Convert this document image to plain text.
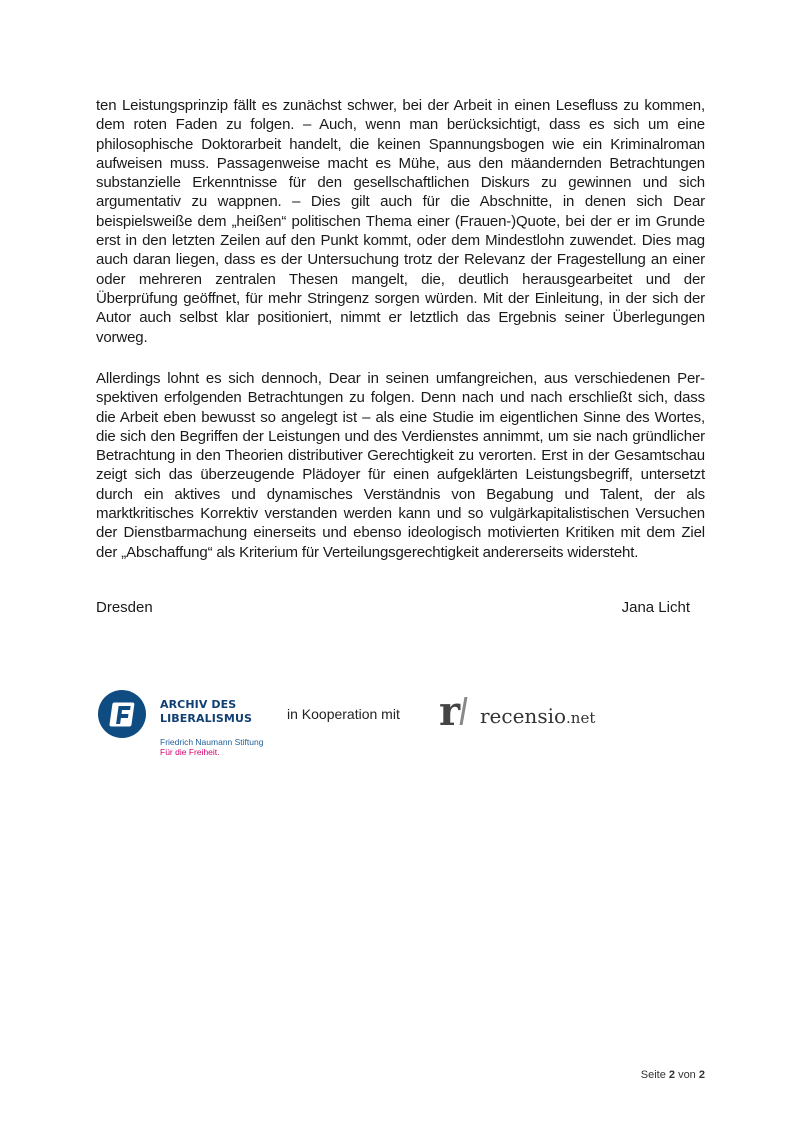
ten Leistungsprinzip fällt es zunächst schwer, bei der Arbeit in einen Lesefluss zu kommen, dem roten Faden zu folgen. – Auch, wenn man berücksichtigt, dass es sich um eine philosophische Doktorarbeit handelt, die keinen Spannungsbogen wie ein Kriminalroman aufweisen muss. Passagenweise macht es Mühe, aus den mäandernden Betrachtungen substanzielle Erkenntnisse für den gesellschaftlichen Diskurs zu gewinnen und sich argumentativ zu wappnen. – Dies gilt auch für die Abschnitte, in denen sich Dear beispielsweiße dem „heißen“ politischen Thema einer (Frauen-)Quote, bei der er im Grunde erst in den letzten Zeilen auf den Punkt kommt, oder dem Mindestlohn zuwendet. Dies mag auch daran liegen, dass es der Untersuchung trotz der Relevanz der Fragestellung an einer oder mehreren zentralen Thesen mangelt, die, deutlich herausgearbeitet und der Überprüfung geöffnet, für mehr Stringenz sorgen würden. Mit der Einleitung, in der sich der Autor auch selbst klar positioniert, nimmt er letztlich das Ergebnis seiner Überlegungen vorweg.

Allerdings lohnt es sich dennoch, Dear in seinen umfangreichen, aus verschiedenen Perspektiven erfolgenden Betrachtungen zu folgen. Denn nach und nach erschließt sich, dass die Arbeit eben bewusst so angelegt ist – als eine Studie im eigentlichen Sinne des Wortes, die sich den Begriffen der Leistungen und des Verdienstes annimmt, um sie nach gründlicher Betrachtung in den Theorien distributiver Gerechtigkeit zu verorten. Erst in der Gesamtschau zeigt sich das überzeugende Plädoyer für einen aufgeklärten Leistungsbegriff, untersetzt durch ein aktives und dynamisches Verständnis von Begabung und Talent, der als marktkritisches Korrektiv verstanden werden kann und so vulgärkapitalistischen Versuchen der Dienstbarmachung einerseits und ebenso ideologisch motivierten Kritiken mit dem Ziel der „Abschaffung“ als Kriterium für Verteilungsgerechtigkeit andererseits widersteht.

Dresden	Jana Licht
ARCHIV DES LIBERALISMUS
Friedrich Naumann Stiftung
Für die Freiheit.
in Kooperation mit r recensio.net
Seite 2 von 2
